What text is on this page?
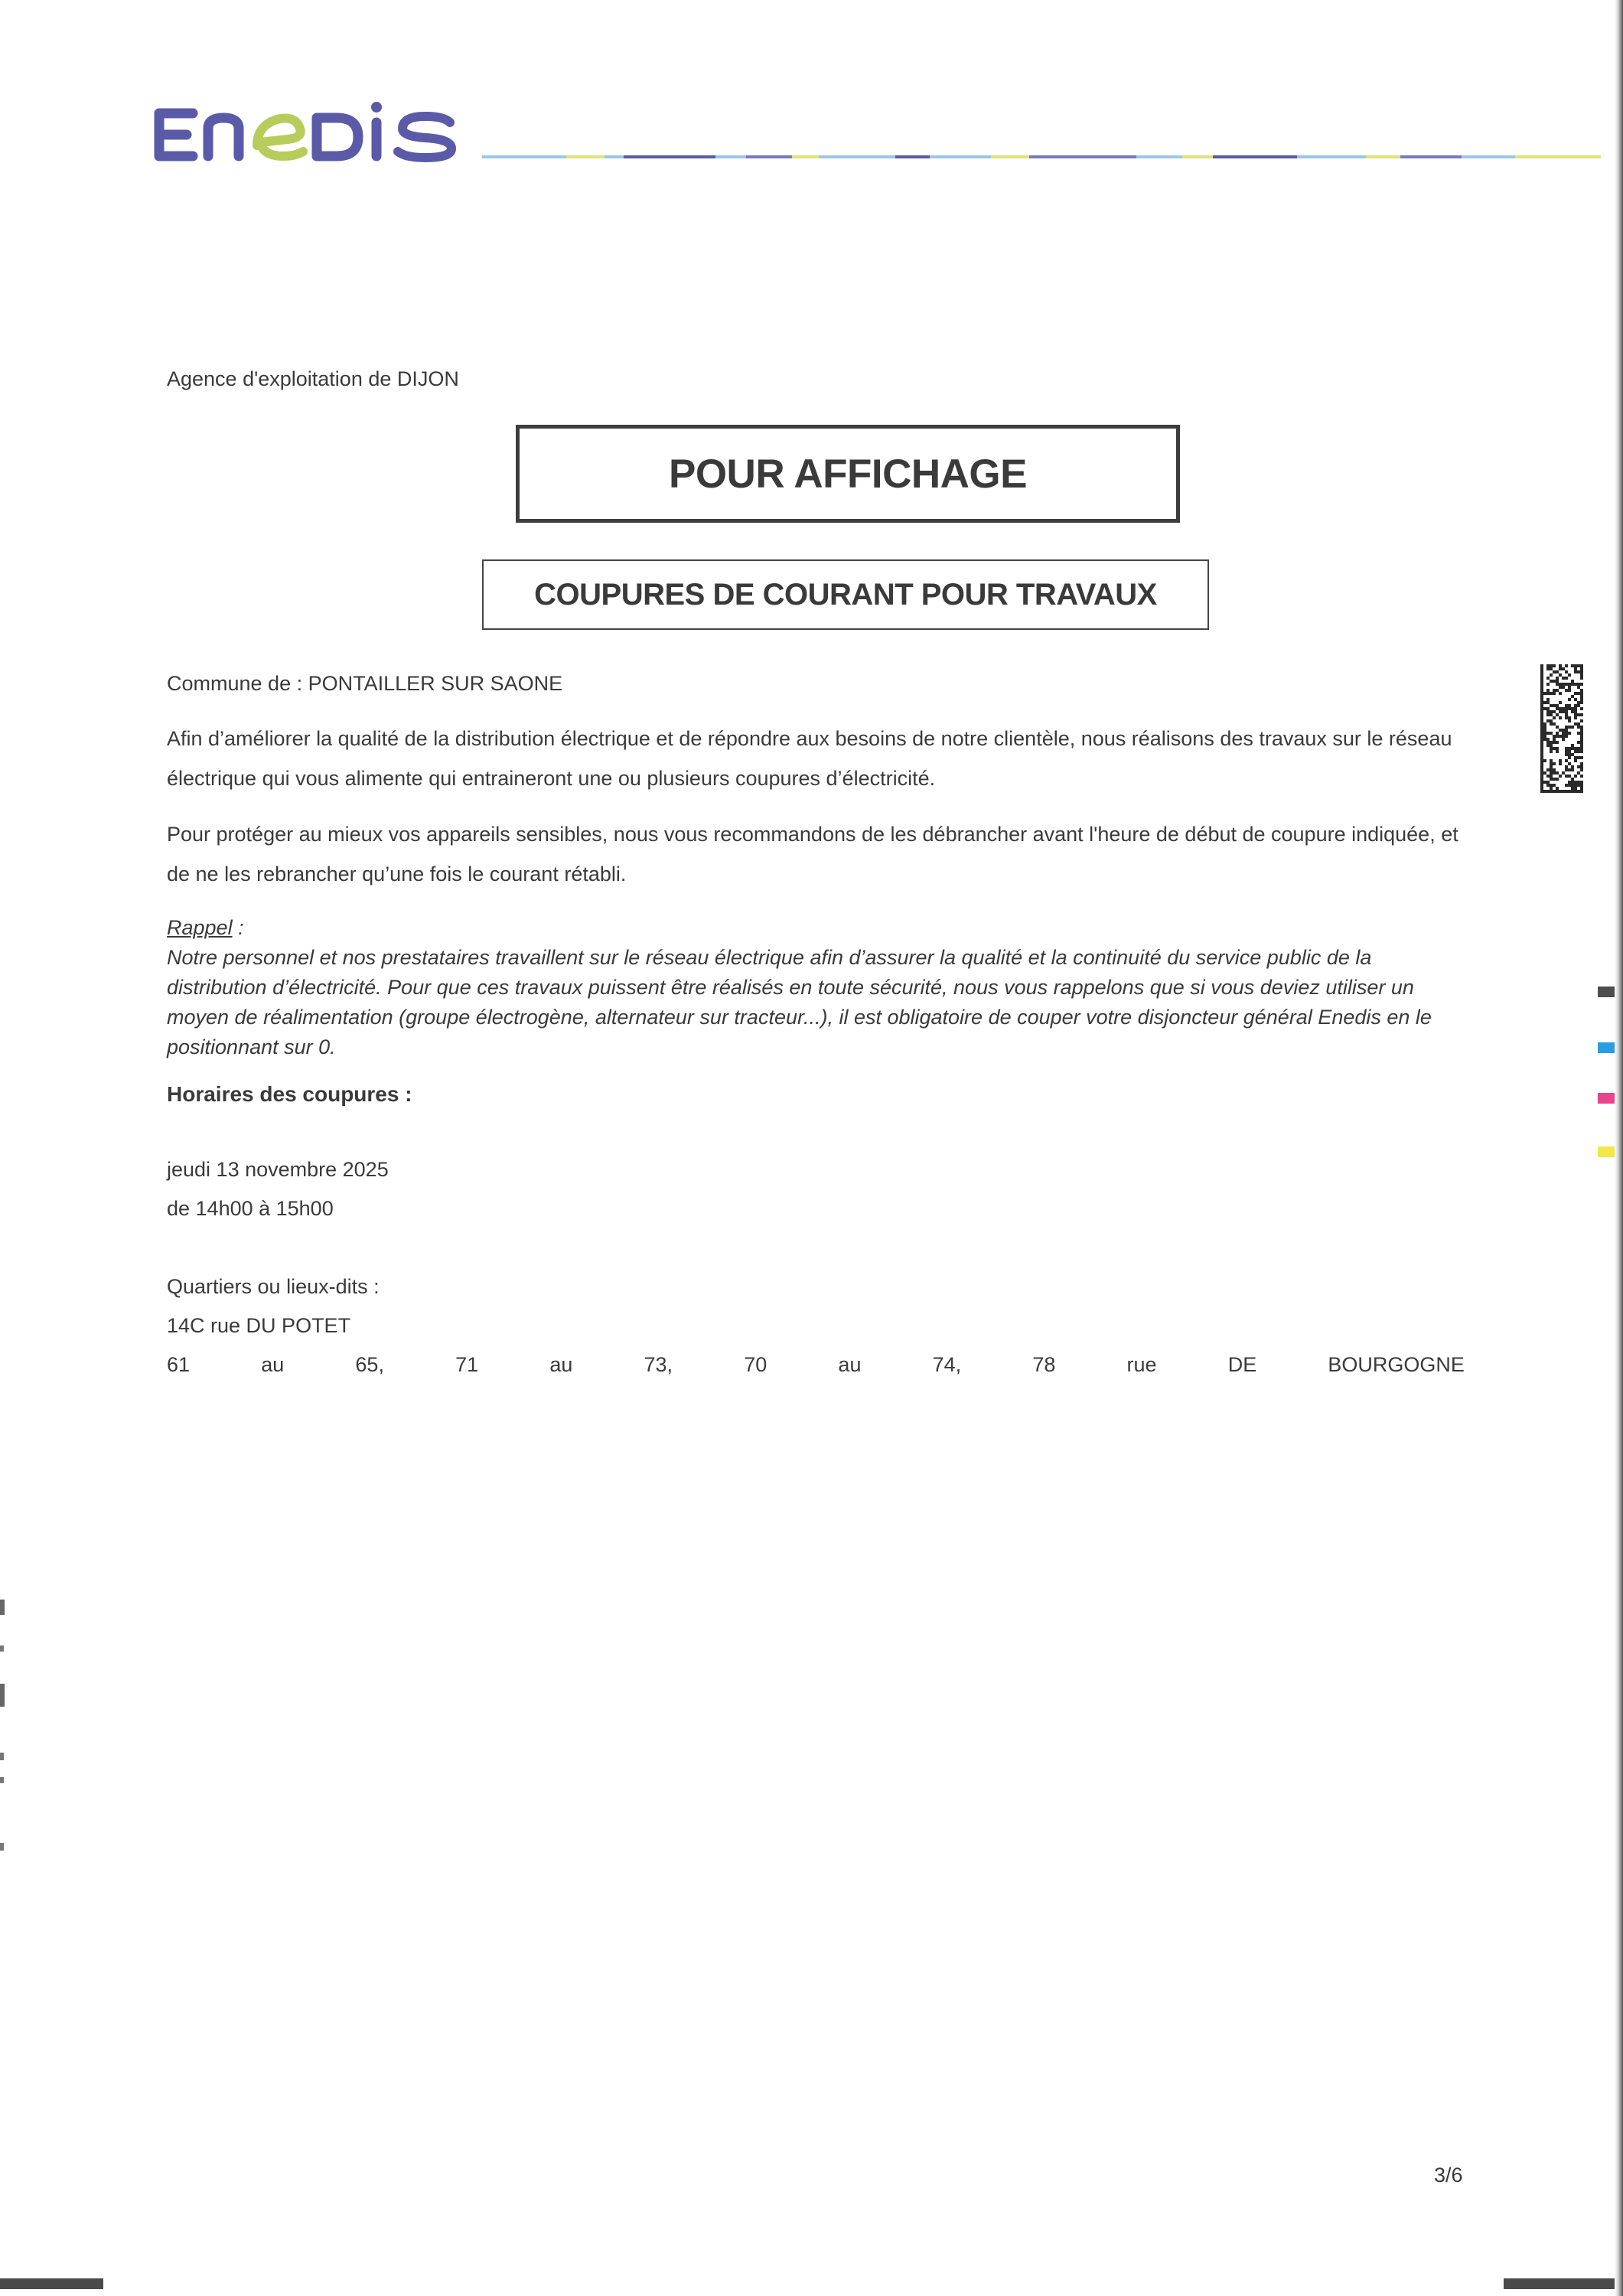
Agence d'exploitation de DIJON
POUR AFFICHAGE
COUPURES DE COURANT POUR TRAVAUX
Commune de : PONTAILLER SUR SAONE
Afin d’améliorer la qualité de la distribution électrique et de répondre aux besoins de notre clientèle, nous réalisons des travaux sur le réseau électrique qui vous alimente qui entraineront une ou plusieurs coupures d’électricité.
Pour protéger au mieux vos appareils sensibles, nous vous recommandons de les débrancher avant l'heure de début de coupure indiquée, et de ne les rebrancher qu’une fois le courant rétabli.
Rappel :
Notre personnel et nos prestataires travaillent sur le réseau électrique afin d’assurer la qualité et la continuité du service public de la distribution d’électricité. Pour que ces travaux puissent être réalisés en toute sécurité, nous vous rappelons que si vous deviez utiliser un moyen de réalimentation (groupe électrogène, alternateur sur tracteur...), il est obligatoire de couper votre disjoncteur général Enedis en le positionnant sur 0.
Horaires des coupures :
jeudi 13 novembre 2025
de 14h00 à 15h00
Quartiers ou lieux-dits :
14C rue DU POTET
61	au	65,	71	au	73,	70	au	74,	78	rue	DE	BOURGOGNE
3/6
